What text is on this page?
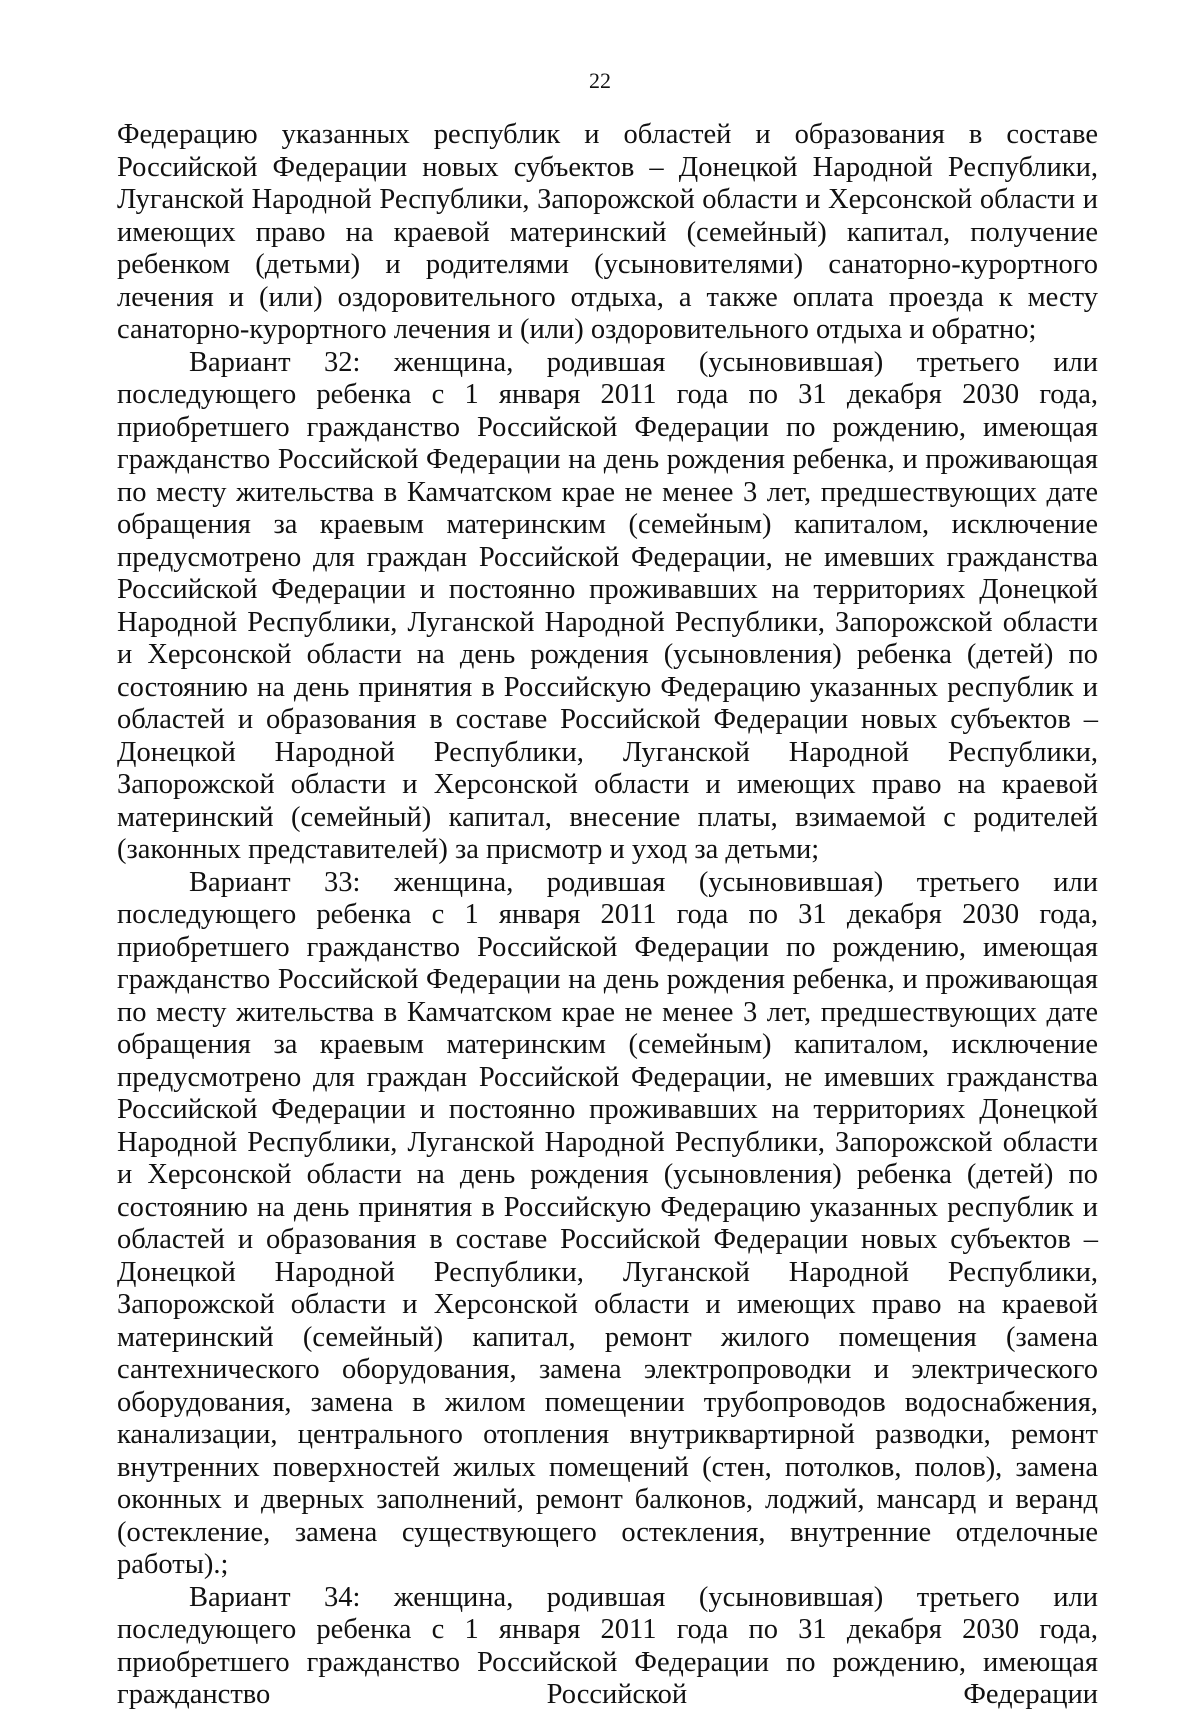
22

Федерацию указанных республик и областей и образования в составе Российской Федерации новых субъектов – Донецкой Народной Республики, Луганской Народной Республики, Запорожской области и Херсонской области и имеющих право на краевой материнский (семейный) капитал, получение ребенком (детьми) и родителями (усыновителями) санаторно-курортного лечения и (или) оздоровительного отдыха, а также оплата проезда к месту санаторно-курортного лечения и (или) оздоровительного отдыха и обратно;

Вариант 32: женщина, родившая (усыновившая) третьего или последующего ребенка с 1 января 2011 года по 31 декабря 2030 года, приобретшего гражданство Российской Федерации по рождению, имеющая гражданство Российской Федерации на день рождения ребенка, и проживающая по месту жительства в Камчатском крае не менее 3 лет, предшествующих дате обращения за краевым материнским (семейным) капиталом, исключение предусмотрено для граждан Российской Федерации, не имевших гражданства Российской Федерации и постоянно проживавших на территориях Донецкой Народной Республики, Луганской Народной Республики, Запорожской области и Херсонской области на день рождения (усыновления) ребенка (детей) по состоянию на день принятия в Российскую Федерацию указанных республик и областей и образования в составе Российской Федерации новых субъектов – Донецкой Народной Республики, Луганской Народной Республики, Запорожской области и Херсонской области и имеющих право на краевой материнский (семейный) капитал, внесение платы, взимаемой с родителей (законных представителей) за присмотр и уход за детьми;

Вариант 33: женщина, родившая (усыновившая) третьего или последующего ребенка с 1 января 2011 года по 31 декабря 2030 года, приобретшего гражданство Российской Федерации по рождению, имеющая гражданство Российской Федерации на день рождения ребенка, и проживающая по месту жительства в Камчатском крае не менее 3 лет, предшествующих дате обращения за краевым материнским (семейным) капиталом, исключение предусмотрено для граждан Российской Федерации, не имевших гражданства Российской Федерации и постоянно проживавших на территориях Донецкой Народной Республики, Луганской Народной Республики, Запорожской области и Херсонской области на день рождения (усыновления) ребенка (детей) по состоянию на день принятия в Российскую Федерацию указанных республик и областей и образования в составе Российской Федерации новых субъектов – Донецкой Народной Республики, Луганской Народной Республики, Запорожской области и Херсонской области и имеющих право на краевой материнский (семейный) капитал, ремонт жилого помещения (замена сантехнического оборудования, замена электропроводки и электрического оборудования, замена в жилом помещении трубопроводов водоснабжения, канализации, центрального отопления внутриквартирной разводки, ремонт внутренних поверхностей жилых помещений (стен, потолков, полов), замена оконных и дверных заполнений, ремонт балконов, лоджий, мансард и веранд (остекление, замена существующего остекления, внутренние отделочные работы).;

Вариант 34: женщина, родившая (усыновившая) третьего или последующего ребенка с 1 января 2011 года по 31 декабря 2030 года, приобретшего гражданство Российской Федерации по рождению, имеющая гражданство Российской Федерации
